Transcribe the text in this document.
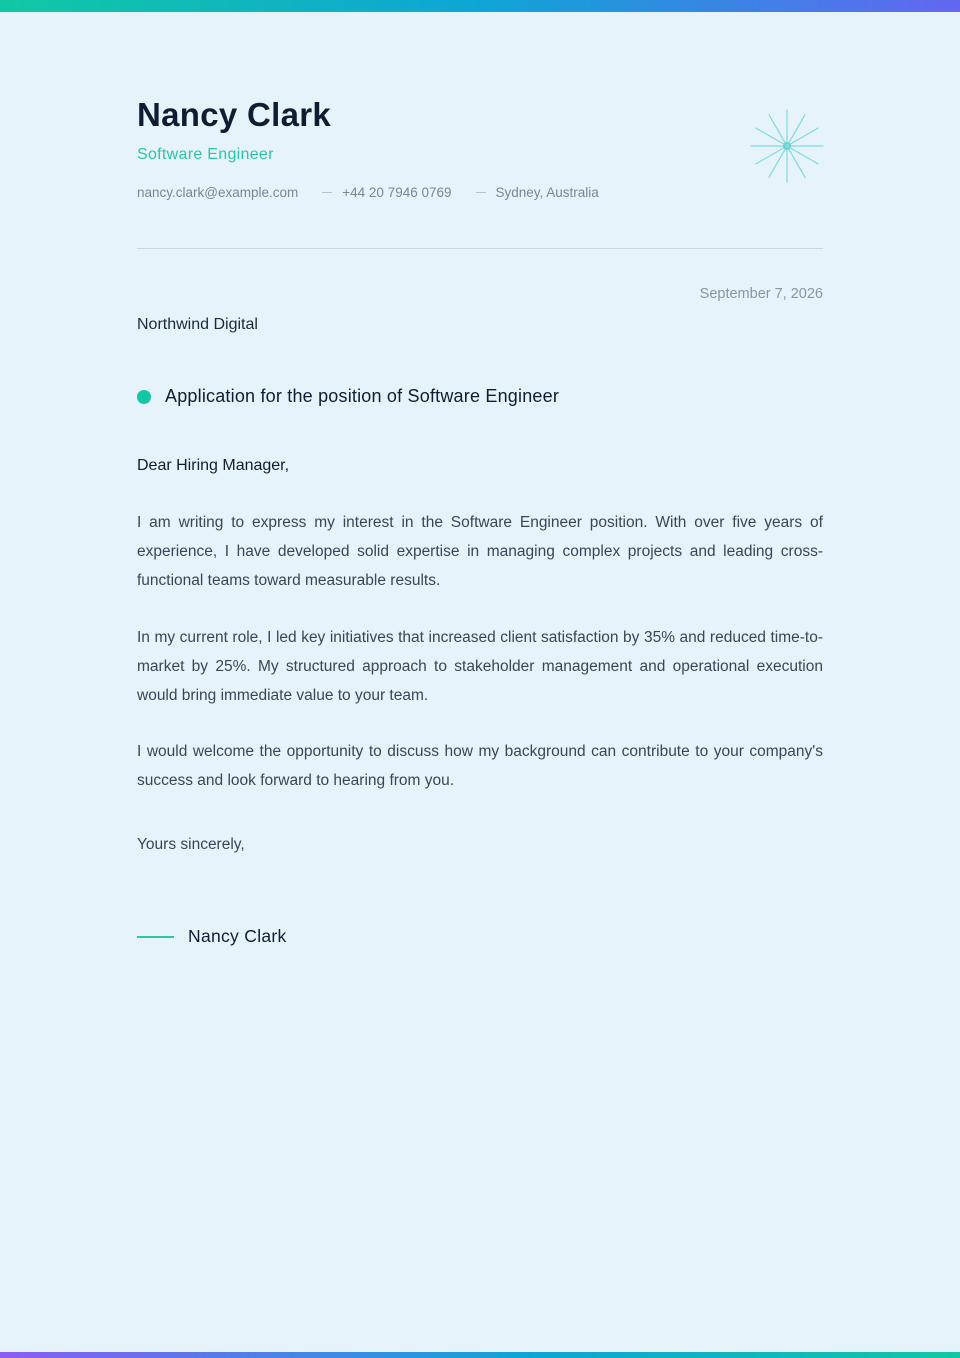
Nancy Clark
Software Engineer
nancy.clark@example.com	+44 20 7946 0769	Sydney, Australia
September 7, 2026
Northwind Digital
Application for the position of Software Engineer
Dear Hiring Manager,

I am writing to express my interest in the Software Engineer position. With over five years of experience, I have developed solid expertise in managing complex projects and leading cross-functional teams toward measurable results.

In my current role, I led key initiatives that increased client satisfaction by 35% and reduced time-to-market by 25%. My structured approach to stakeholder management and operational execution would bring immediate value to your team.

I would welcome the opportunity to discuss how my background can contribute to your company's success and look forward to hearing from you.

Yours sincerely,
Nancy Clark
